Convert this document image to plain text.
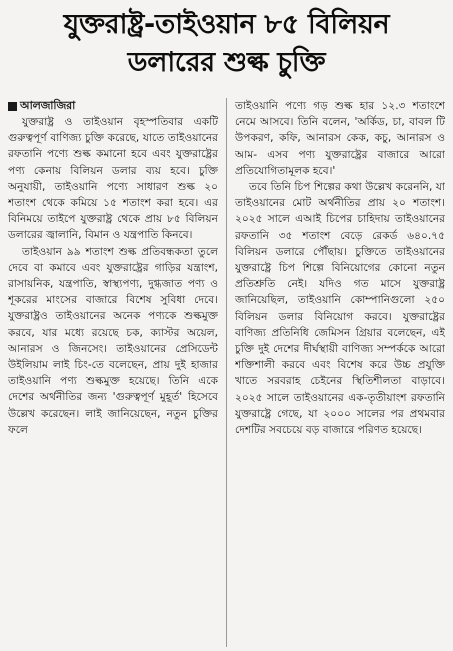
যুক্তরাষ্ট্র-তাইওয়ান ৮৫ বিলিয়ন
ডলারের শুল্ক চুক্তি
আলজাজিরা

যুক্তরাষ্ট্র ও তাইওয়ান বৃহস্পতিবার একটি গুরুত্বপূর্ণ বাণিজ্য চুক্তি করেছে, যাতে তাইওয়ানের রফতানি পণ্যে শুল্ক কমানো হবে এবং যুক্তরাষ্ট্রের পণ্য কেনায় বিলিয়ন ডলার ব্যয় হবে। চুক্তি অনুযায়ী, তাইওয়ানি পণ্যে সাধারণ শুল্ক ২০ শতাংশ থেকে কমিয়ে ১৫ শতাংশ করা হবে। এর বিনিময়ে তাইপে যুক্তরাষ্ট্র থেকে প্রায় ৮৫ বিলিয়ন ডলারের জ্বালানি, বিমান ও যন্ত্রপাতি কিনবে।

তাইওয়ান ৯৯ শতাংশ শুল্ক প্রতিবন্ধকতা তুলে দেবে বা কমাবে এবং যুক্তরাষ্ট্রের গাড়ির যন্ত্রাংশ, রাসায়নিক, যন্ত্রপাতি, স্বাস্থ্যপণ্য, দুগ্ধজাত পণ্য ও শূকরের মাংসের বাজারে বিশেষ সুবিধা দেবে। যুক্তরাষ্ট্রও তাইওয়ানের অনেক পণ্যকে শুল্কমুক্ত করবে, যার মধ্যে রয়েছে চক, ক্যাস্টর অয়েল, আনারস ও জিনসেং। তাইওয়ানের প্রেসিডেন্ট উইলিয়াম লাই চিং-তে বলেছেন, প্রায় দুই হাজার তাইওয়ানি পণ্য শুল্কমুক্ত হয়েছে। তিনি একে দেশের অর্থনীতির জন্য 'গুরুত্বপূর্ণ মুহূর্ত' হিসেবে উল্লেখ করেছেন। লাই জানিয়েছেন, নতুন চুক্তির ফলে

তাইওয়ানি পণ্যে গড় শুল্ক হার ১২.৩ শতাংশে নেমে আসবে। তিনি বলেন, 'অর্কিড, চা, বাবল টি উপকরণ, কফি, আনারস কেক, কচু, আনারস ও আম- এসব পণ্য যুক্তরাষ্ট্রের বাজারে আরো প্রতিযোগিতামূলক হবে।'

তবে তিনি চিপ শিল্পের কথা উল্লেখ করেননি, যা তাইওয়ানের মোট অর্থনীতির প্রায় ২০ শতাংশ। ২০২৫ সালে এআই চিপের চাহিদায় তাইওয়ানের রফতানি ৩৫ শতাংশ বেড়ে রেকর্ড ৬৪০.৭৫ বিলিয়ন ডলারে পৌঁছায়। চুক্তিতে তাইওয়ানের যুক্তরাষ্ট্রে চিপ শিল্পে বিনিয়োগের কোনো নতুন প্রতিশ্রুতি নেই। যদিও গত মাসে যুক্তরাষ্ট্র জানিয়েছিল, তাইওয়ানি কোম্পানিগুলো ২৫০ বিলিয়ন ডলার বিনিয়োগ করবে। যুক্তরাষ্ট্রের বাণিজ্য প্রতিনিধি জেমিসন গ্রিয়ার বলেছেন, এই চুক্তি দুই দেশের দীর্ঘস্থায়ী বাণিজ্য সম্পর্ককে আরো শক্তিশালী করবে এবং বিশেষ করে উচ্চ প্রযুক্তি খাতে সরবরাহ চেইনের স্থিতিশীলতা বাড়াবে। ২০২৫ সালে তাইওয়ানের এক-তৃতীয়াংশ রফতানি যুক্তরাষ্ট্রে গেছে, যা ২০০০ সালের পর প্রথমবার দেশটির সবচেয়ে বড় বাজারে পরিণত হয়েছে।
